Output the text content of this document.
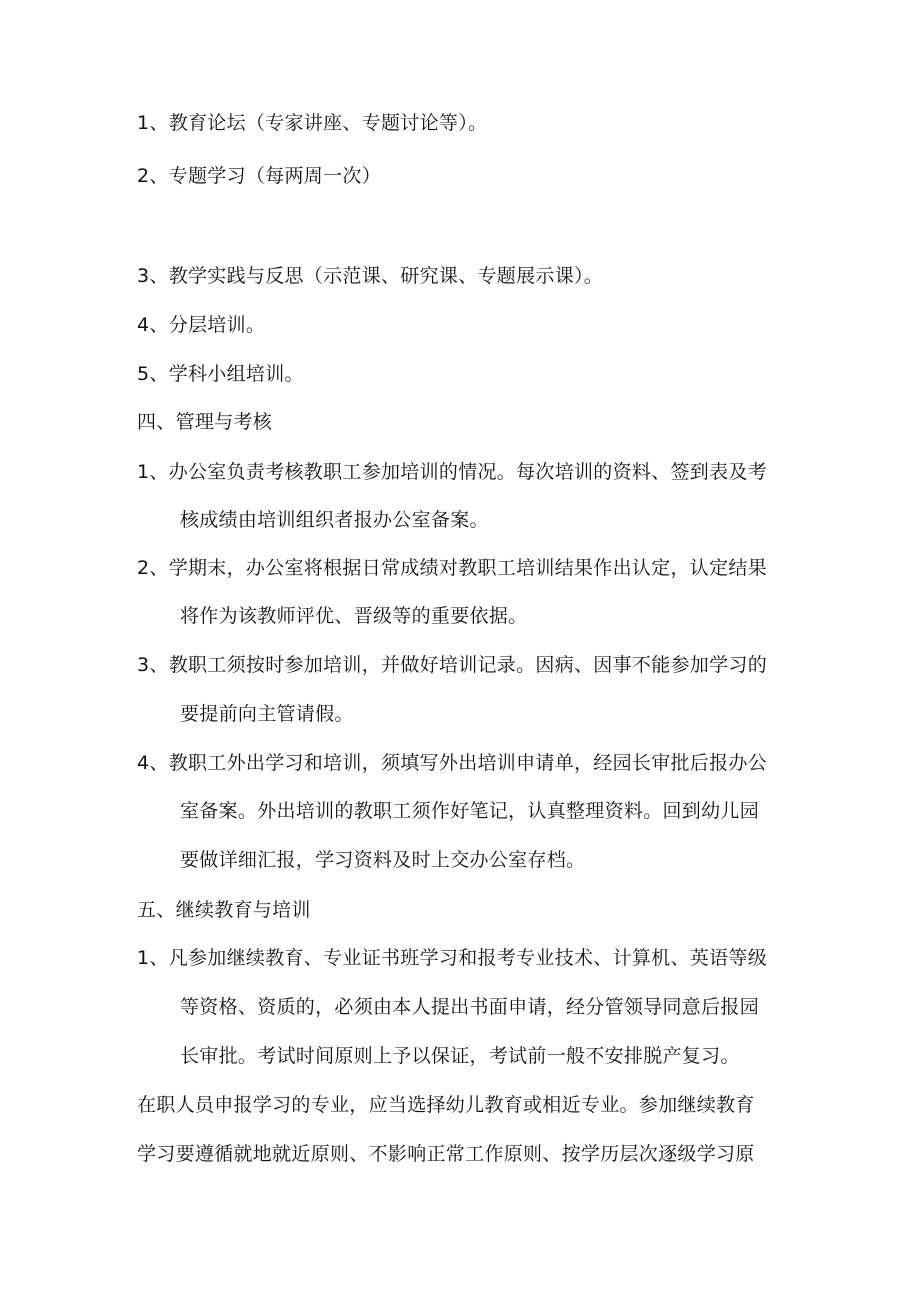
1、教育论坛（专家讲座、专题讨论等）。
2、专题学习（每两周一次）
3、教学实践与反思（示范课、研究课、专题展示课）。
4、分层培训。
5、学科小组培训。
四、管理与考核
1、办公室负责考核教职工参加培训的情况。每次培训的资料、签到表及考
核成绩由培训组织者报办公室备案。
2、学期末，办公室将根据日常成绩对教职工培训结果作出认定，认定结果
将作为该教师评优、晋级等的重要依据。
3、教职工须按时参加培训，并做好培训记录。因病、因事不能参加学习的
要提前向主管请假。
4、教职工外出学习和培训，须填写外出培训申请单，经园长审批后报办公
室备案。外出培训的教职工须作好笔记，认真整理资料。回到幼儿园
要做详细汇报，学习资料及时上交办公室存档。
五、继续教育与培训
1、凡参加继续教育、专业证书班学习和报考专业技术、计算机、英语等级
等资格、资质的，必须由本人提出书面申请，经分管领导同意后报园
长审批。考试时间原则上予以保证，考试前一般不安排脱产复习。
在职人员申报学习的专业，应当选择幼儿教育或相近专业。参加继续教育
学习要遵循就地就近原则、不影响正常工作原则、按学历层次逐级学习原
